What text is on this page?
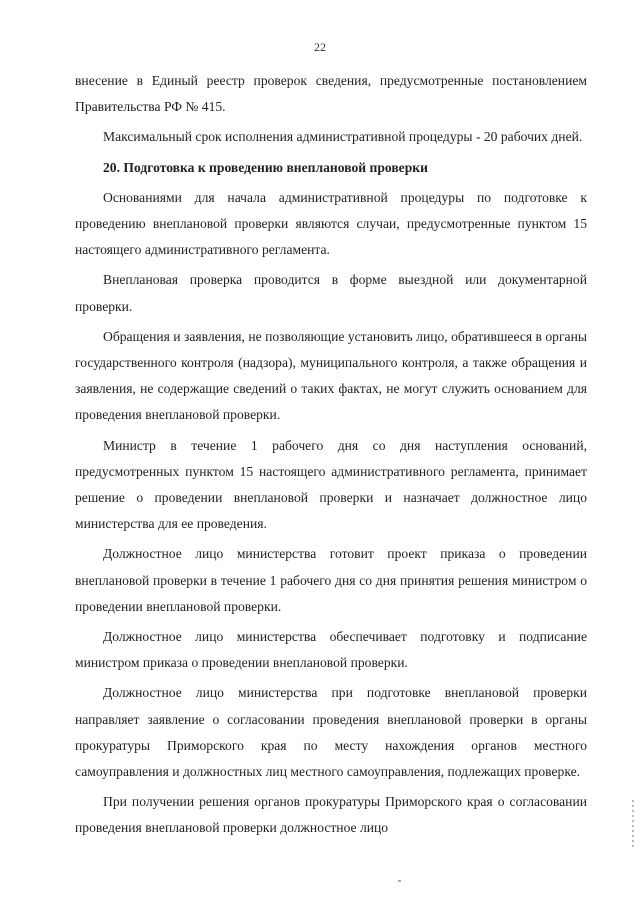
22

внесение в Единый реестр проверок сведения, предусмотренные постановлением Правительства РФ № 415.

Максимальный срок исполнения административной процедуры - 20 рабочих дней.

20. Подготовка к проведению внеплановой проверки

Основаниями для начала административной процедуры по подготовке к проведению внеплановой проверки являются случаи, предусмотренные пунктом 15 настоящего административного регламента.

Внеплановая проверка проводится в форме выездной или документарной проверки.

Обращения и заявления, не позволяющие установить лицо, обратившееся в органы государственного контроля (надзора), муниципального контроля, а также обращения и заявления, не содержащие сведений о таких фактах, не могут служить основанием для проведения внеплановой проверки.

Министр в течение 1 рабочего дня со дня наступления оснований, предусмотренных пунктом 15 настоящего административного регламента, принимает решение о проведении внеплановой проверки и назначает должностное лицо министерства для ее проведения.

Должностное лицо министерства готовит проект приказа о проведении внеплановой проверки в течение 1 рабочего дня со дня принятия решения министром о проведении внеплановой проверки.

Должностное лицо министерства обеспечивает подготовку и подписание министром приказа о проведении внеплановой проверки.

Должностное лицо министерства при подготовке внеплановой проверки направляет заявление о согласовании проведения внеплановой проверки в органы прокуратуры Приморского края по месту нахождения органов местного самоуправления и должностных лиц местного самоуправления, подлежащих проверке.

При получении решения органов прокуратуры Приморского края о согласовании проведения внеплановой проверки должностное лицо
